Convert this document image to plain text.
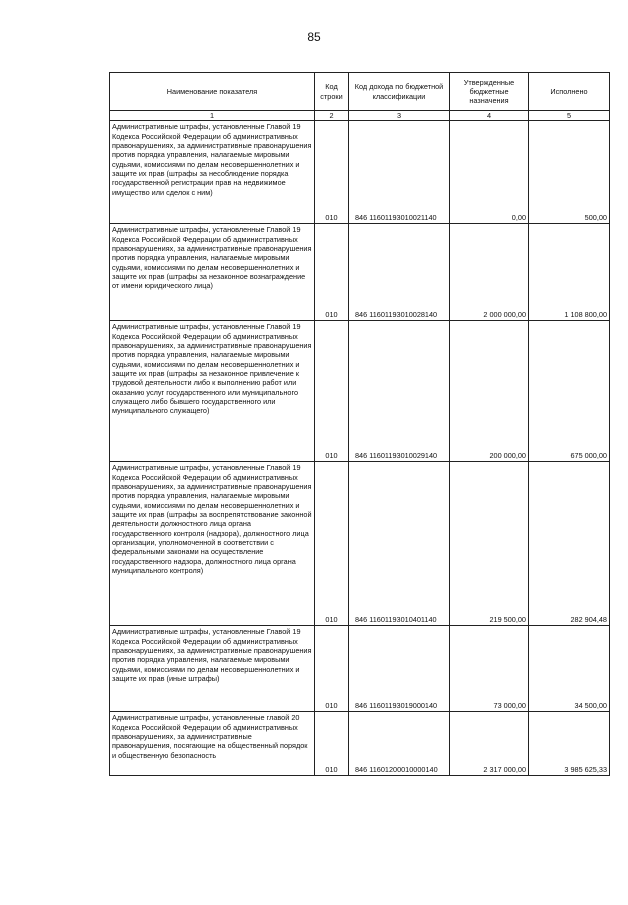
85
Наименование показателя	Код строки	Код дохода по бюджетной классификации	Утвержденные бюджетные назначения	Исполнено
1	2	3	4	5
Административные штрафы, установленные Главой 19 Кодекса Российской Федерации об административных правонарушениях, за административные правонарушения против порядка управления, налагаемые мировыми судьями, комиссиями по делам несовершеннолетних и защите их прав (штрафы за несоблюдение порядка государственной регистрации прав на недвижимое имущество или сделок с ним)	010	846 11601193010021140	0,00	500,00
Административные штрафы, установленные Главой 19 Кодекса Российской Федерации об административных правонарушениях, за административные правонарушения против порядка управления, налагаемые мировыми судьями, комиссиями по делам несовершеннолетних и защите их прав (штрафы за незаконное вознаграждение от имени юридического лица)	010	846 11601193010028140	2 000 000,00	1 108 800,00
Административные штрафы, установленные Главой 19 Кодекса Российской Федерации об административных правонарушениях, за административные правонарушения против порядка управления, налагаемые мировыми судьями, комиссиями по делам несовершеннолетних и защите их прав (штрафы за незаконное привлечение к трудовой деятельности либо к выполнению работ или оказанию услуг государственного или муниципального служащего либо бывшего государственного или муниципального служащего)	010	846 11601193010029140	200 000,00	675 000,00
Административные штрафы, установленные Главой 19 Кодекса Российской Федерации об административных правонарушениях, за административные правонарушения против порядка управления, налагаемые мировыми судьями, комиссиями по делам несовершеннолетних и защите их прав (штрафы за воспрепятствование законной деятельности должностного лица органа государственного контроля (надзора), должностного лица организации, уполномоченной в соответствии с федеральными законами на осуществление государственного надзора, должностного лица органа муниципального контроля)	010	846 11601193010401140	219 500,00	282 904,48
Административные штрафы, установленные Главой 19 Кодекса Российской Федерации об административных правонарушениях, за административные правонарушения против порядка управления, налагаемые мировыми судьями, комиссиями по делам несовершеннолетних и защите их прав (иные штрафы)	010	846 11601193019000140	73 000,00	34 500,00
Административные штрафы, установленные главой 20 Кодекса Российской Федерации об административных правонарушениях, за административные правонарушения, посягающие на общественный порядок и общественную безопасность	010	846 11601200010000140	2 317 000,00	3 985 625,33
